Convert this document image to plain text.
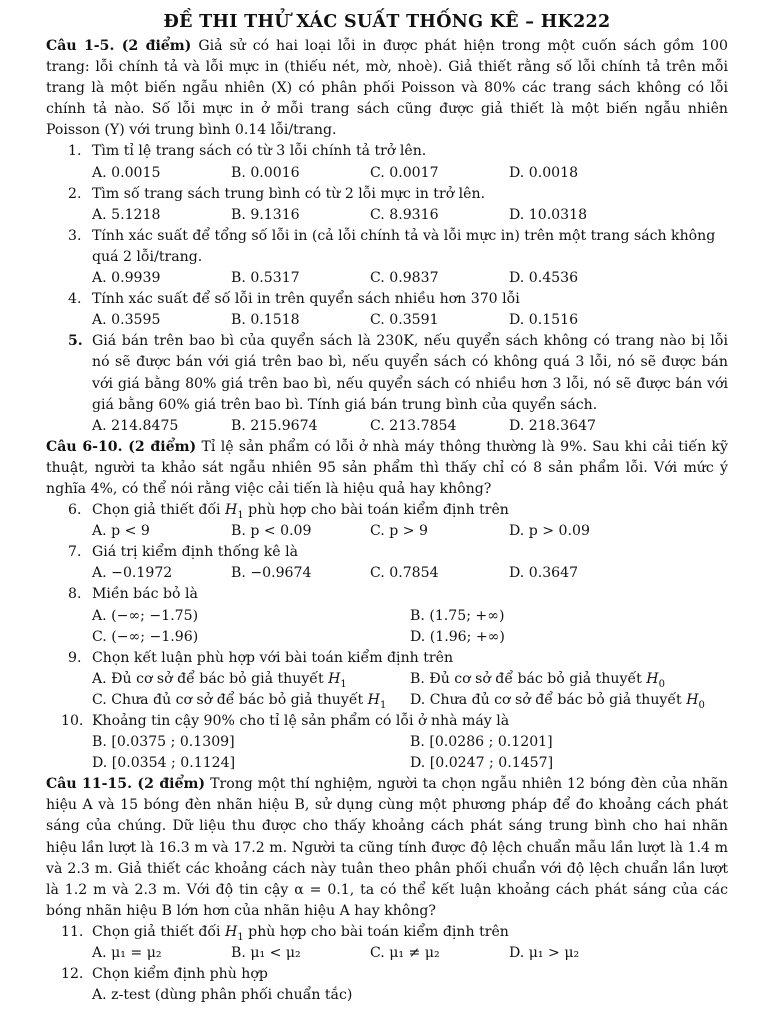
ĐỀ THI THỬ XÁC SUẤT THỐNG KÊ – HK222

Câu 1-5. (2 điểm) Giả sử có hai loại lỗi in được phát hiện trong một cuốn sách gồm 100 trang: lỗi chính tả và lỗi mực in (thiếu nét, mờ, nhoè). Giả thiết rằng số lỗi chính tả trên mỗi trang là một biến ngẫu nhiên (X) có phân phối Poisson và 80% các trang sách không có lỗi chính tả nào. Số lỗi mực in ở mỗi trang sách cũng được giả thiết là một biến ngẫu nhiên Poisson (Y) với trung bình 0.14 lỗi/trang.

1. Tìm tỉ lệ trang sách có từ 3 lỗi chính tả trở lên.
A. 0.0015	B. 0.0016	C. 0.0017	D. 0.0018
2. Tìm số trang sách trung bình có từ 2 lỗi mực in trở lên.
A. 5.1218	B. 9.1316	C. 8.9316	D. 10.0318
3. Tính xác suất để tổng số lỗi in (cả lỗi chính tả và lỗi mực in) trên một trang sách không quá 2 lỗi/trang.
A. 0.9939	B. 0.5317	C. 0.9837	D. 0.4536
4. Tính xác suất để số lỗi in trên quyển sách nhiều hơn 370 lỗi
A. 0.3595	B. 0.1518	C. 0.3591	D. 0.1516
5. Giá bán trên bao bì của quyển sách là 230K, nếu quyển sách không có trang nào bị lỗi nó sẽ được bán với giá trên bao bì, nếu quyển sách có không quá 3 lỗi, nó sẽ được bán với giá bằng 80% giá trên bao bì, nếu quyển sách có nhiều hơn 3 lỗi, nó sẽ được bán với giá bằng 60% giá trên bao bì. Tính giá bán trung bình của quyển sách.
A. 214.8475	B. 215.9674	C. 213.7854	D. 218.3647

Câu 6-10. (2 điểm) Tỉ lệ sản phẩm có lỗi ở nhà máy thông thường là 9%. Sau khi cải tiến kỹ thuật, người ta khảo sát ngẫu nhiên 95 sản phẩm thì thấy chỉ có 8 sản phẩm lỗi. Với mức ý nghĩa 4%, có thể nói rằng việc cải tiến là hiệu quả hay không?

6. Chọn giả thiết đối $H_1$ phù hợp cho bài toán kiểm định trên
A. p < 9	B. p < 0.09	C. p > 9	D. p > 0.09
7. Giá trị kiểm định thống kê là
A. −0.1972	B. −0.9674	C. 0.7854	D. 0.3647
8. Miền bác bỏ là
A. (−∞; −1.75)	B. (1.75; +∞)
C. (−∞; −1.96)	D. (1.96; +∞)
9. Chọn kết luận phù hợp với bài toán kiểm định trên
A. Đủ cơ sở để bác bỏ giả thuyết $H_1$	B. Đủ cơ sở để bác bỏ giả thuyết $H_0$
C. Chưa đủ cơ sở để bác bỏ giả thuyết $H_1$	D. Chưa đủ cơ sở để bác bỏ giả thuyết $H_0$
10. Khoảng tin cậy 90% cho tỉ lệ sản phẩm có lỗi ở nhà máy là
B. [0.0375 ; 0.1309]	B. [0.0286 ; 0.1201]
D. [0.0354 ; 0.1124]	D. [0.0247 ; 0.1457]

Câu 11-15. (2 điểm) Trong một thí nghiệm, người ta chọn ngẫu nhiên 12 bóng đèn của nhãn hiệu A và 15 bóng đèn nhãn hiệu B, sử dụng cùng một phương pháp để đo khoảng cách phát sáng của chúng. Dữ liệu thu được cho thấy khoảng cách phát sáng trung bình cho hai nhãn hiệu lần lượt là 16.3 m và 17.2 m. Người ta cũng tính được độ lệch chuẩn mẫu lần lượt là 1.4 m và 2.3 m. Giả thiết các khoảng cách này tuân theo phân phối chuẩn với độ lệch chuẩn lần lượt là 1.2 m và 2.3 m. Với độ tin cậy α = 0.1, ta có thể kết luận khoảng cách phát sáng của các bóng nhãn hiệu B lớn hơn của nhãn hiệu A hay không?

11. Chọn giả thiết đối $H_1$ phù hợp cho bài toán kiểm định trên
A. μ₁ = μ₂	B. μ₁ < μ₂	C. μ₁ ≠ μ₂	D. μ₁ > μ₂
12. Chọn kiểm định phù hợp
A. z-test (dùng phân phối chuẩn tắc)
